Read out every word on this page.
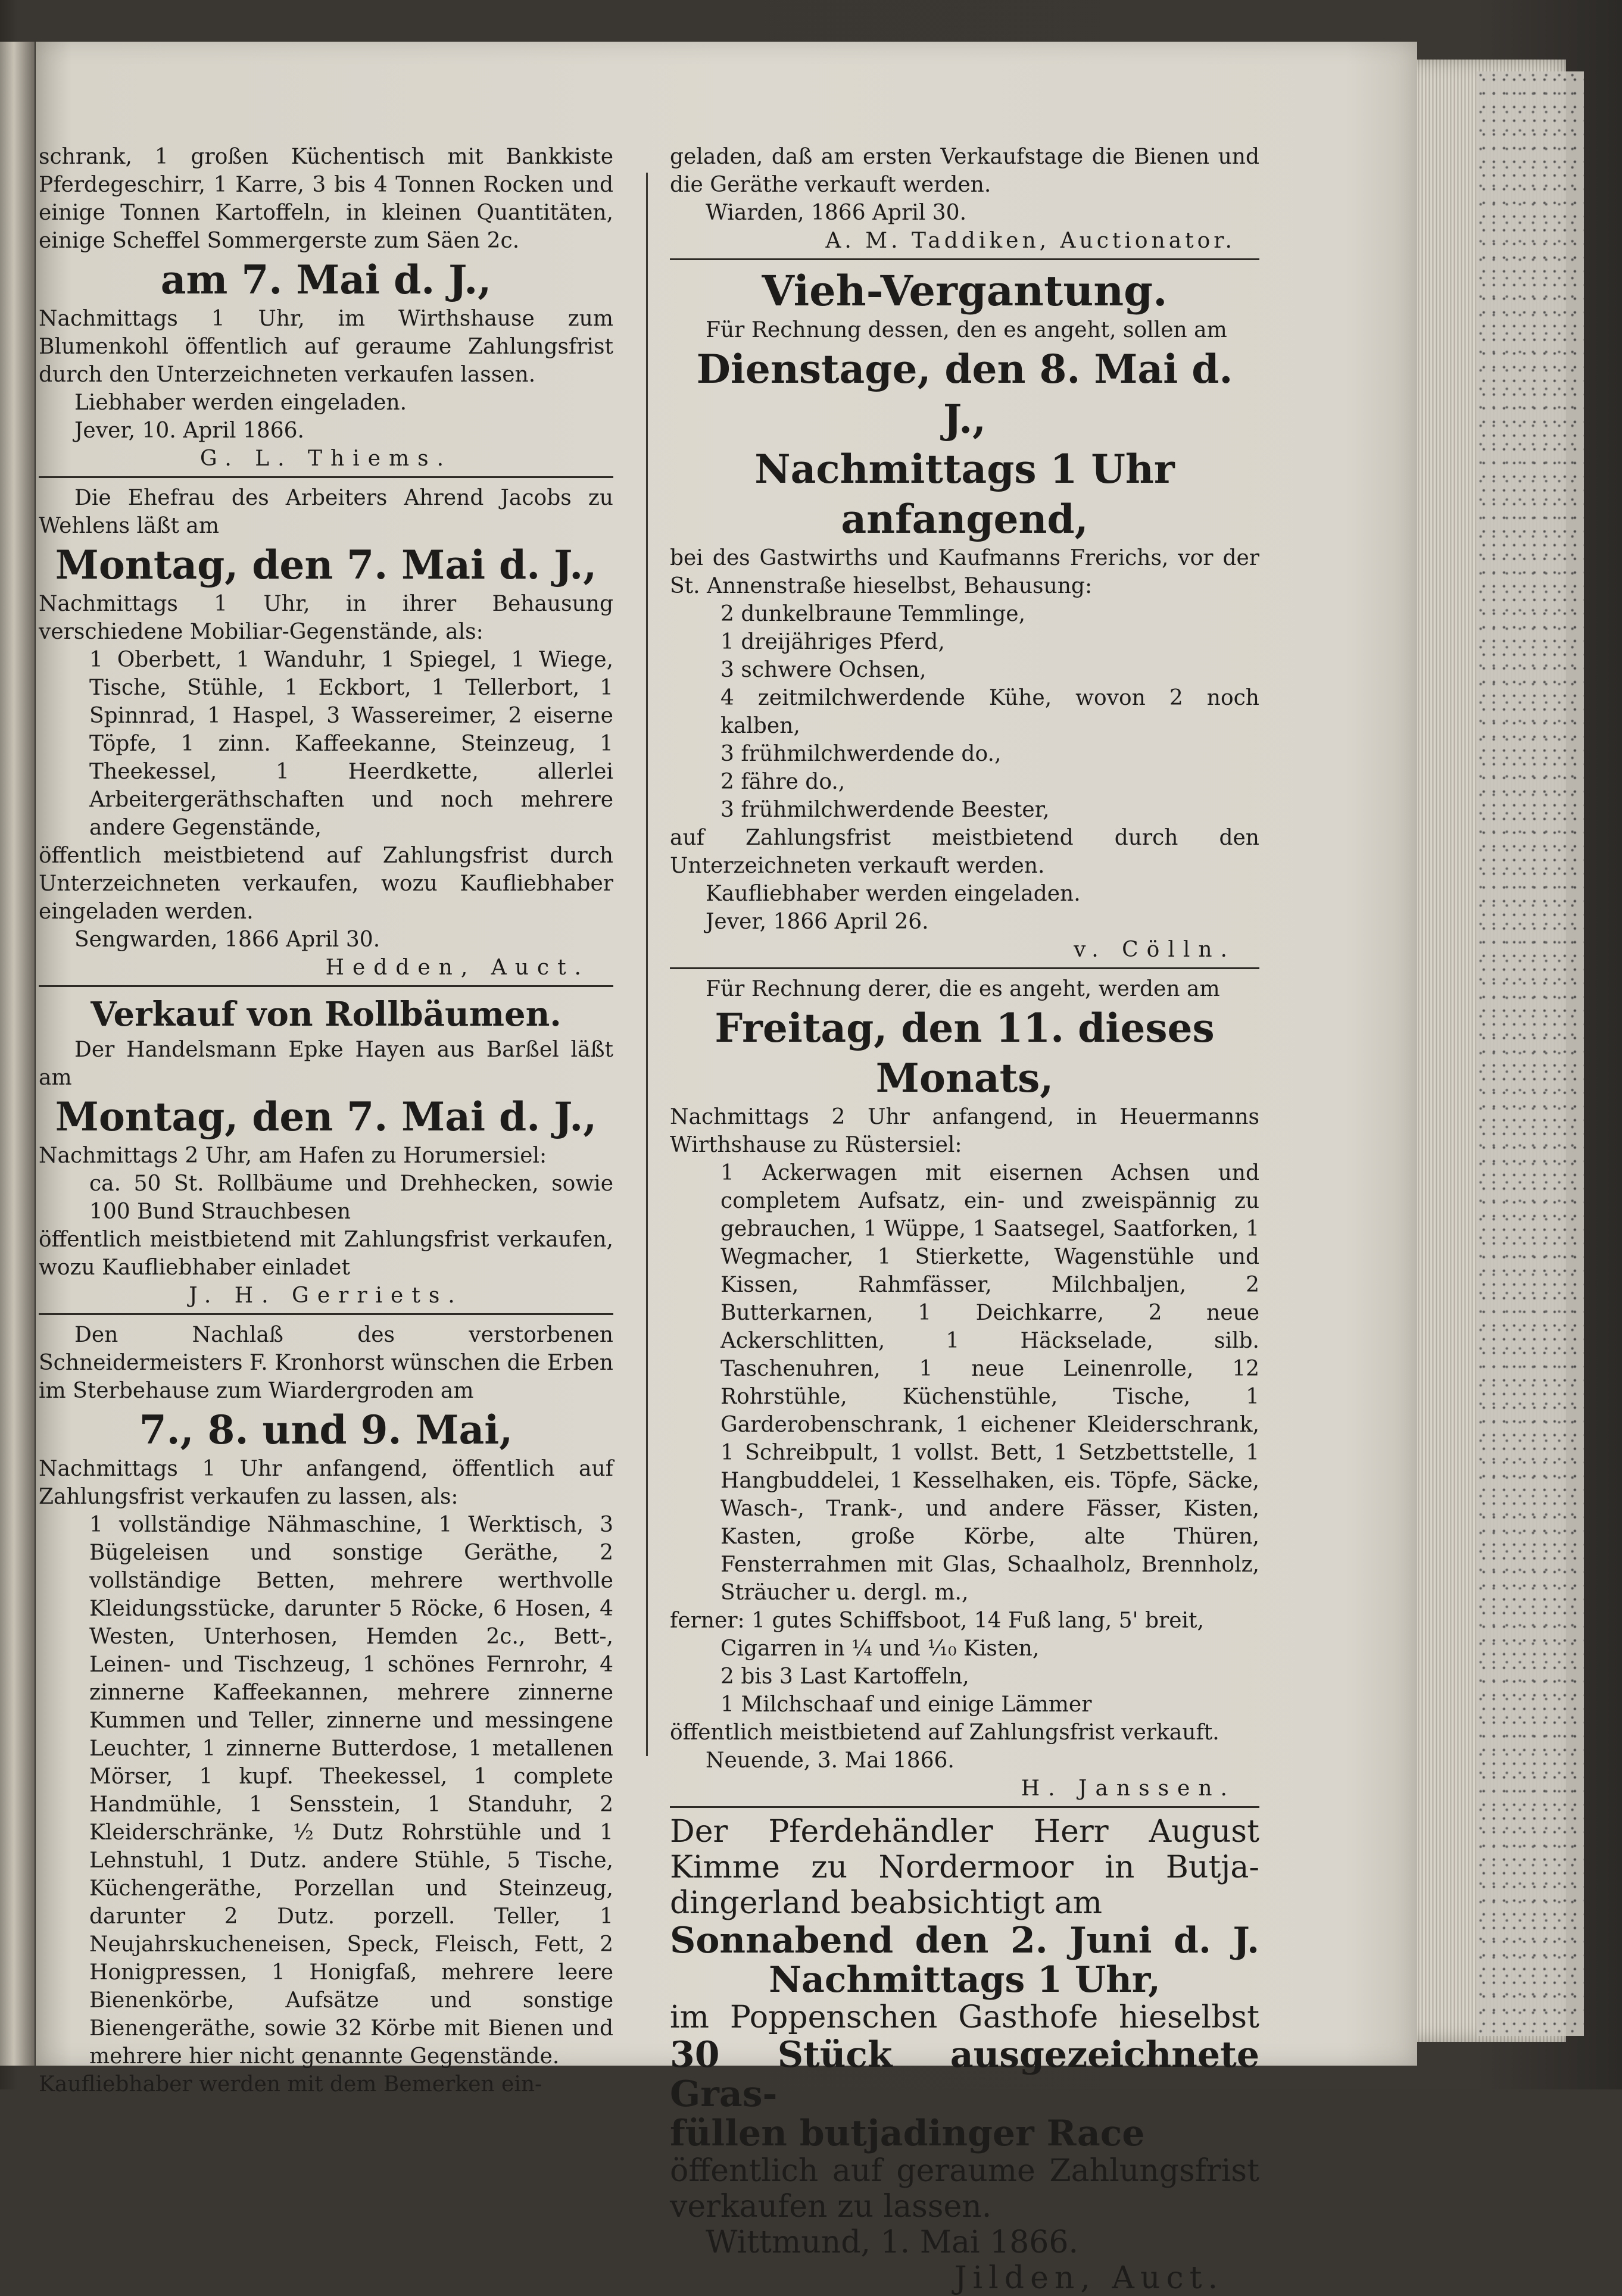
schrank, 1 großen Küchentisch mit Bankkiste Pferdegeschirr, 1 Karre, 3 bis 4 Tonnen Rocken und einige Tonnen Kartoffeln, in kleinen Quantitäten, einige Scheffel Sommergerste zum Säen 2c.

am 7. Mai d. J.,

Nachmittags 1 Uhr, im Wirthshause zum Blumenkohl öffentlich auf geraume Zahlungsfrist durch den Unterzeichneten verkaufen lassen.

Liebhaber werden eingeladen.

Jever, 10. April 1866.

G. L. Thiems.

Die Ehefrau des Arbeiters Ahrend Jacobs zu Wehlens läßt am

Montag, den 7. Mai d. J.,

Nachmittags 1 Uhr, in ihrer Behausung verschiedene Mobiliar-Gegenstände, als:

1 Oberbett, 1 Wanduhr, 1 Spiegel, 1 Wiege, Tische, Stühle, 1 Eckbort, 1 Tellerbort, 1 Spinnrad, 1 Haspel, 3 Wassereimer, 2 eiserne Töpfe, 1 zinn. Kaffeekanne, Steinzeug, 1 Theekessel, 1 Heerdkette, allerlei Arbeitergeräthschaften und noch mehrere andere Gegenstände,

öffentlich meistbietend auf Zahlungsfrist durch Unterzeichneten verkaufen, wozu Kaufliebhaber eingeladen werden.

Sengwarden, 1866 April 30.

Hedden, Auct.

Verkauf von Rollbäumen.

Der Handelsmann Epke Hayen aus Barßel läßt am

Montag, den 7. Mai d. J.,

Nachmittags 2 Uhr, am Hafen zu Horumersiel:

ca. 50 St. Rollbäume und Drehhecken, sowie 100 Bund Strauchbesen

öffentlich meistbietend mit Zahlungsfrist verkaufen, wozu Kaufliebhaber einladet

J. H. Gerriets.

Den Nachlaß des verstorbenen Schneidermeisters F. Kronhorst wünschen die Erben im Sterbehause zum Wiardergroden am

7., 8. und 9. Mai,

Nachmittags 1 Uhr anfangend, öffentlich auf Zahlungsfrist verkaufen zu lassen, als:

1 vollständige Nähmaschine, 1 Werktisch, 3 Bügeleisen und sonstige Geräthe, 2 vollständige Betten, mehrere werthvolle Kleidungsstücke, darunter 5 Röcke, 6 Hosen, 4 Westen, Unterhosen, Hemden 2c., Bett-, Leinen- und Tischzeug, 1 schönes Fernrohr, 4 zinnerne Kaffeekannen, mehrere zinnerne Kummen und Teller, zinnerne und messingene Leuchter, 1 zinnerne Butterdose, 1 metallenen Mörser, 1 kupf. Theekessel, 1 complete Handmühle, 1 Sensstein, 1 Standuhr, 2 Kleiderschränke, ½ Dutz Rohrstühle und 1 Lehnstuhl, 1 Dutz. andere Stühle, 5 Tische, Küchengeräthe, Porzellan und Steinzeug, darunter 2 Dutz. porzell. Teller, 1 Neujahrskucheneisen, Speck, Fleisch, Fett, 2 Honigpressen, 1 Honigfaß, mehrere leere Bienenkörbe, Aufsätze und sonstige Bienengeräthe, sowie 32 Körbe mit Bienen und mehrere hier nicht genannte Gegenstände.

Kaufliebhaber werden mit dem Bemerken ein-

geladen, daß am ersten Verkaufstage die Bienen und die Geräthe verkauft werden.

Wiarden, 1866 April 30.

A. M. Taddiken, Auctionator.

Vieh-Vergantung.

Für Rechnung dessen, den es angeht, sollen am

Dienstage, den 8. Mai d. J.,
Nachmittags 1 Uhr anfangend,

bei des Gastwirths und Kaufmanns Frerichs, vor der St. Annenstraße hieselbst, Behausung:

2 dunkelbraune Temmlinge,

1 dreijähriges Pferd,

3 schwere Ochsen,

4 zeitmilchwerdende Kühe, wovon 2 noch kalben,

3 frühmilchwerdende do.,

2 fähre do.,

3 frühmilchwerdende Beester,

auf Zahlungsfrist meistbietend durch den Unterzeichneten verkauft werden.

Kaufliebhaber werden eingeladen.

Jever, 1866 April 26.

v. Cölln.

Für Rechnung derer, die es angeht, werden am

Freitag, den 11. dieses Monats,

Nachmittags 2 Uhr anfangend, in Heuermanns Wirthshause zu Rüstersiel:

1 Ackerwagen mit eisernen Achsen und completem Aufsatz, ein- und zweispännig zu gebrauchen, 1 Wüppe, 1 Saatsegel, Saatforken, 1 Wegmacher, 1 Stierkette, Wagenstühle und Kissen, Rahmfässer, Milchbaljen, 2 Butterkarnen, 1 Deichkarre, 2 neue Ackerschlitten, 1 Häckselade, silb. Taschenuhren, 1 neue Leinenrolle, 12 Rohrstühle, Küchenstühle, Tische, 1 Garderobenschrank, 1 eichener Kleiderschrank, 1 Schreibpult, 1 vollst. Bett, 1 Setzbettstelle, 1 Hangbuddelei, 1 Kesselhaken, eis. Töpfe, Säcke, Wasch-, Trank-, und andere Fässer, Kisten, Kasten, große Körbe, alte Thüren, Fensterrahmen mit Glas, Schaalholz, Brennholz, Sträucher u. dergl. m.,

ferner: 1 gutes Schiffsboot, 14 Fuß lang, 5' breit,

Cigarren in ¼ und ⅒ Kisten,

2 bis 3 Last Kartoffeln,

1 Milchschaaf und einige Lämmer

öffentlich meistbietend auf Zahlungsfrist verkauft.

Neuende, 3. Mai 1866.

H. Janssen.

Der Pferdehändler Herr August
Kimme zu Nordermoor in Butja-
dingerland beabsichtigt am
Sonnabend den 2. Juni d. J.
Nachmittags 1 Uhr,
im Poppenschen Gasthofe hieselbst
30 Stück ausgezeichnete Gras-
füllen butjadinger Race
öffentlich auf geraume Zahlungsfrist
verkaufen zu lassen.
Wittmund, 1. Mai 1866.
Jilden, Auct.
